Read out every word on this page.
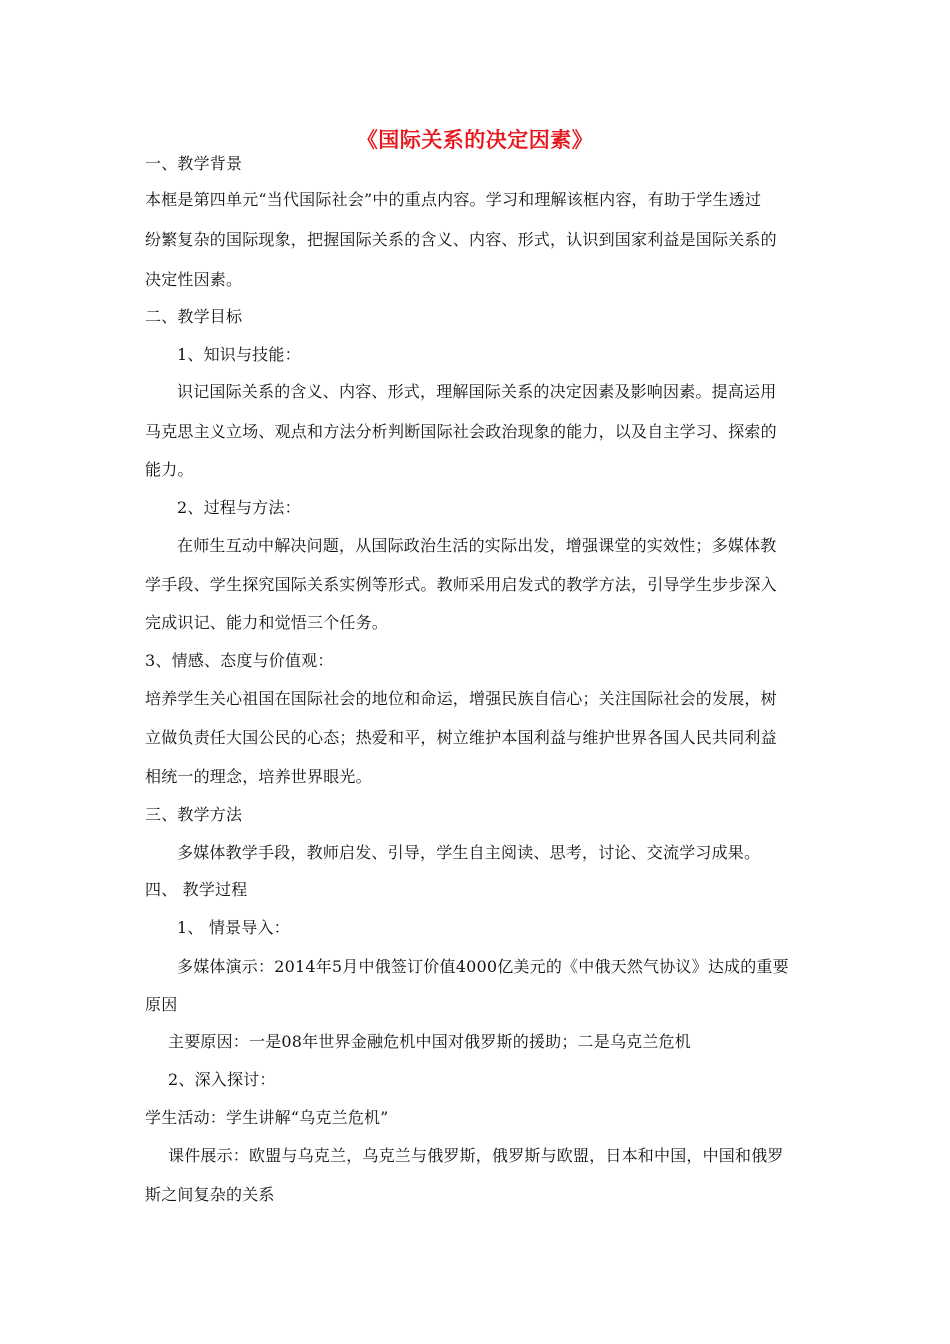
《国际关系的决定因素》
一、教学背景
本框是第四单元“当代国际社会”中的重点内容。学习和理解该框内容，有助于学生透过
纷繁复杂的国际现象，把握国际关系的含义、内容、形式，认识到国家利益是国际关系的
决定性因素。
二、教学目标
1、知识与技能：
识记国际关系的含义、内容、形式，理解国际关系的决定因素及影响因素。提高运用
马克思主义立场、观点和方法分析判断国际社会政治现象的能力，以及自主学习、探索的
能力。
2、过程与方法：
在师生互动中解决问题，从国际政治生活的实际出发，增强课堂的实效性；多媒体教
学手段、学生探究国际关系实例等形式。教师采用启发式的教学方法，引导学生步步深入
完成识记、能力和觉悟三个任务。
3、情感、态度与价值观：
培养学生关心祖国在国际社会的地位和命运，增强民族自信心；关注国际社会的发展，树
立做负责任大国公民的心态；热爱和平，树立维护本国利益与维护世界各国人民共同利益
相统一的理念，培养世界眼光。
三、教学方法
多媒体教学手段，教师启发、引导，学生自主阅读、思考，讨论、交流学习成果。
四、 教学过程
1、 情景导入：
多媒体演示：2014年5月中俄签订价值4000亿美元的《中俄天然气协议》达成的重要
原因
主要原因：一是08年世界金融危机中国对俄罗斯的援助；二是乌克兰危机
2、深入探讨：
学生活动：学生讲解“乌克兰危机”
课件展示：欧盟与乌克兰，乌克兰与俄罗斯，俄罗斯与欧盟，日本和中国，中国和俄罗
斯之间复杂的关系
